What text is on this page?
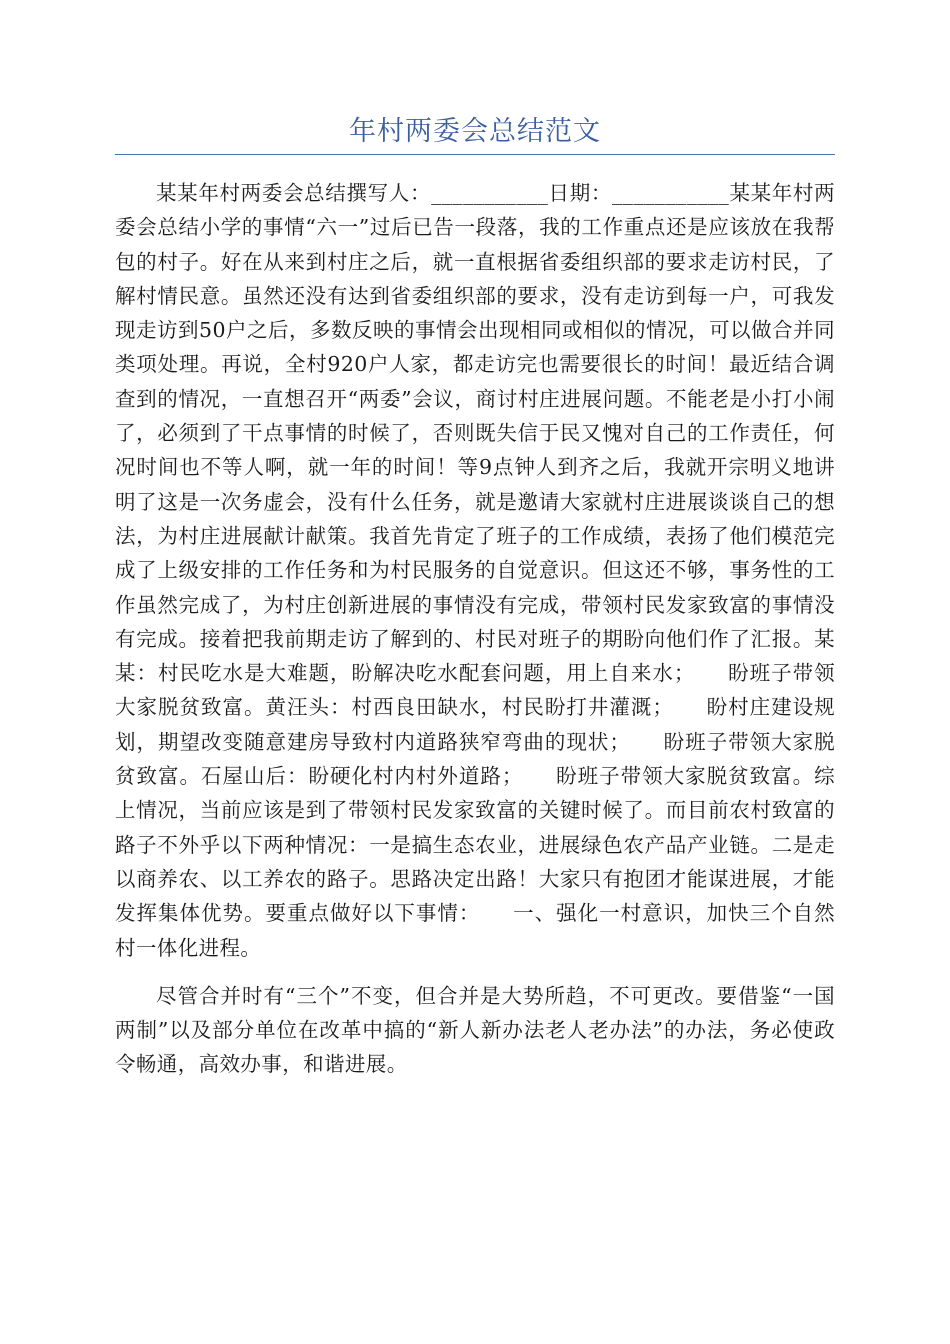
年村两委会总结范文

某某年村两委会总结撰写人：___________日期：___________某某年村两委会总结小学的事情“六一”过后已告一段落，我的工作重点还是应该放在我帮包的村子。好在从来到村庄之后，就一直根据省委组织部的要求走访村民，了解村情民意。虽然还没有达到省委组织部的要求，没有走访到每一户，可我发现走访到50户之后，多数反映的事情会出现相同或相似的情况，可以做合并同类项处理。再说，全村920户人家，都走访完也需要很长的时间！最近结合调查到的情况，一直想召开“两委”会议，商讨村庄进展问题。不能老是小打小闹了，必须到了干点事情的时候了，否则既失信于民又愧对自己的工作责任，何况时间也不等人啊，就一年的时间！等9点钟人到齐之后，我就开宗明义地讲明了这是一次务虚会，没有什么任务，就是邀请大家就村庄进展谈谈自己的想法，为村庄进展献计献策。我首先肯定了班子的工作成绩，表扬了他们模范完成了上级安排的工作任务和为村民服务的自觉意识。但这还不够，事务性的工作虽然完成了，为村庄创新进展的事情没有完成，带领村民发家致富的事情没有完成。接着把我前期走访了解到的、村民对班子的期盼向他们作了汇报。某某：村民吃水是大难题，盼解决吃水配套问题，用上自来水；　　盼班子带领大家脱贫致富。黄汪头：村西良田缺水，村民盼打井灌溉；　　盼村庄建设规划，期望改变随意建房导致村内道路狭窄弯曲的现状；　　盼班子带领大家脱贫致富。石屋山后：盼硬化村内村外道路；　　盼班子带领大家脱贫致富。综上情况，当前应该是到了带领村民发家致富的关键时候了。而目前农村致富的路子不外乎以下两种情况：一是搞生态农业，进展绿色农产品产业链。二是走以商养农、以工养农的路子。思路决定出路！大家只有抱团才能谋进展，才能发挥集体优势。要重点做好以下事情：　　一、强化一村意识，加快三个自然村一体化进程。

尽管合并时有“三个”不变，但合并是大势所趋，不可更改。要借鉴“一国两制”以及部分单位在改革中搞的“新人新办法老人老办法”的办法，务必使政令畅通，高效办事，和谐进展。
